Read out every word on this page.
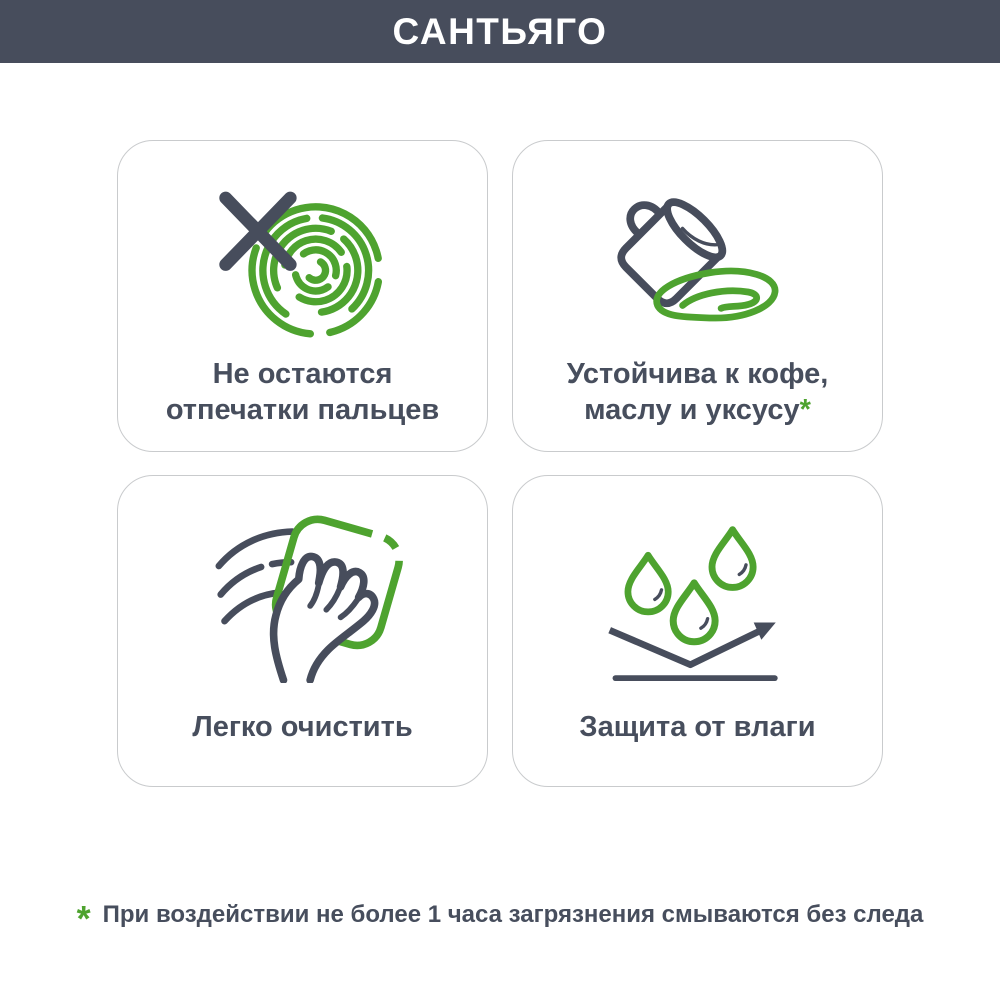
САНТЬЯГО

Не остаются
отпечатки пальцев

Устойчива к кофе,
маслу и уксусу*

Легко очистить	Защита от влаги

* При воздействии не более 1 часа загрязнения смываются без следа
